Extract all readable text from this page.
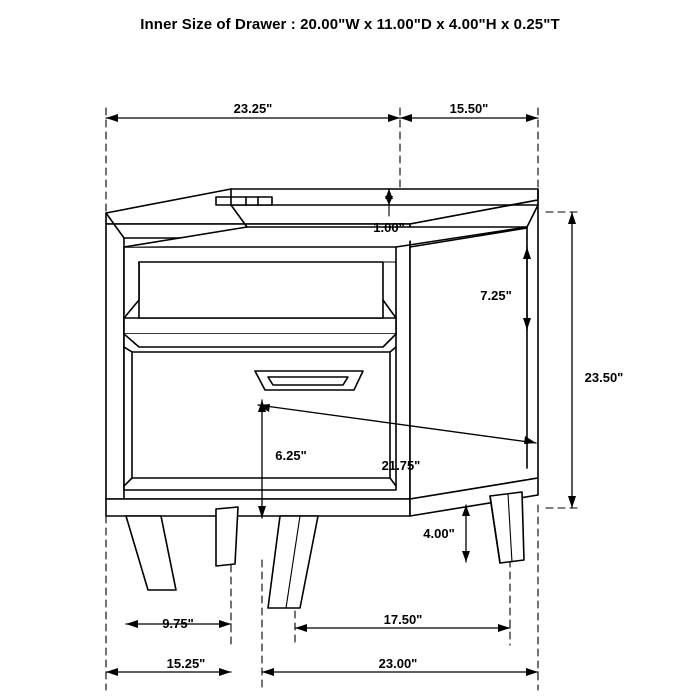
Inner Size of Drawer : 20.00"W x 11.00"D x 4.00"H x 0.25"T
23.25"	15.50"
1.00"
7.25"
23.50"
6.25"
21.75"
4.00"
9.75"
15.25"
17.50"
23.00"
